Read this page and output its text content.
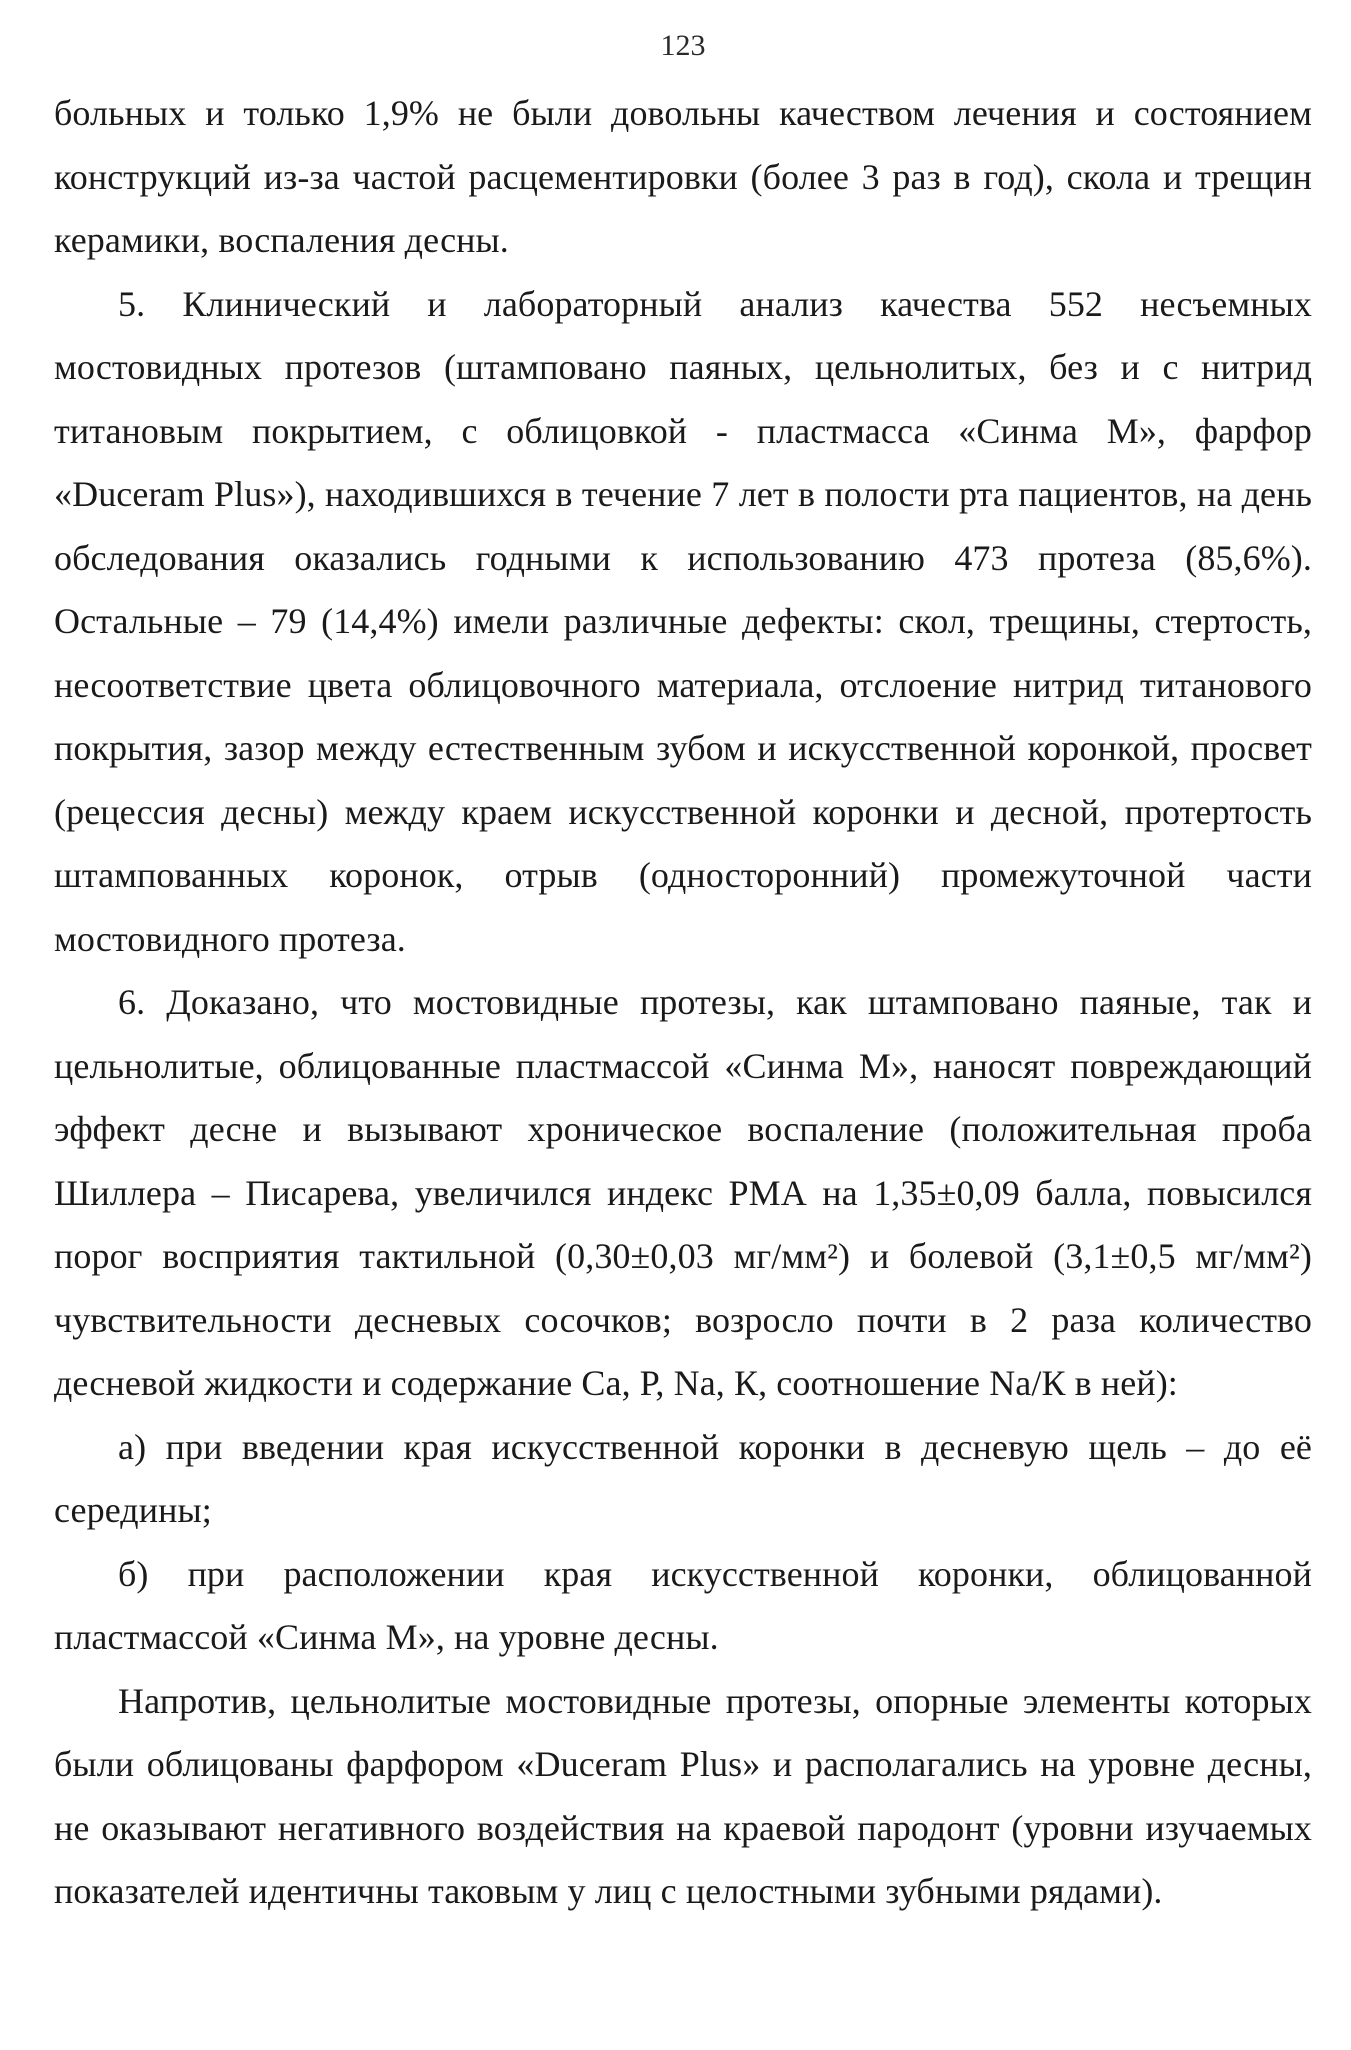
123

больных и только 1,9% не были довольны качеством лечения и состоянием конструкций из-за частой расцементировки (более 3 раз в год), скола и трещин керамики, воспаления десны.

5. Клинический и лабораторный анализ качества 552 несъемных мостовидных протезов (штамповано паяных, цельнолитых, без и с нитрид титановым покрытием, с облицовкой - пластмасса «Синма М», фарфор «Duceram Plus»), находившихся в течение 7 лет в полости рта пациентов, на день обследования оказались годными к использованию 473 протеза (85,6%). Остальные – 79 (14,4%) имели различные дефекты: скол, трещины, стертость, несоответствие цвета облицовочного материала, отслоение нитрид титанового покрытия, зазор между естественным зубом и искусственной коронкой, просвет (рецессия десны) между краем искусственной коронки и десной, протертость штампованных коронок, отрыв (односторонний) промежуточной части мостовидного протеза.

6. Доказано, что мостовидные протезы, как штамповано паяные, так и цельнолитые, облицованные пластмассой «Синма М», наносят повреждающий эффект десне и вызывают хроническое воспаление (положительная проба Шиллера – Писарева, увеличился индекс РМА на 1,35±0,09 балла, повысился порог восприятия тактильной (0,30±0,03 мг/мм²) и болевой (3,1±0,5 мг/мм²) чувствительности десневых сосочков; возросло почти в 2 раза количество десневой жидкости и содержание Са, Р, Na, К, соотношение Na/К в ней):

а) при введении края искусственной коронки в десневую щель – до её середины;

б) при расположении края искусственной коронки, облицованной пластмассой «Синма М», на уровне десны.

Напротив, цельнолитые мостовидные протезы, опорные элементы которых были облицованы фарфором «Duceram Plus» и располагались на уровне десны, не оказывают негативного воздействия на краевой пародонт (уровни изучаемых показателей идентичны таковым у лиц с целостными зубными рядами).
